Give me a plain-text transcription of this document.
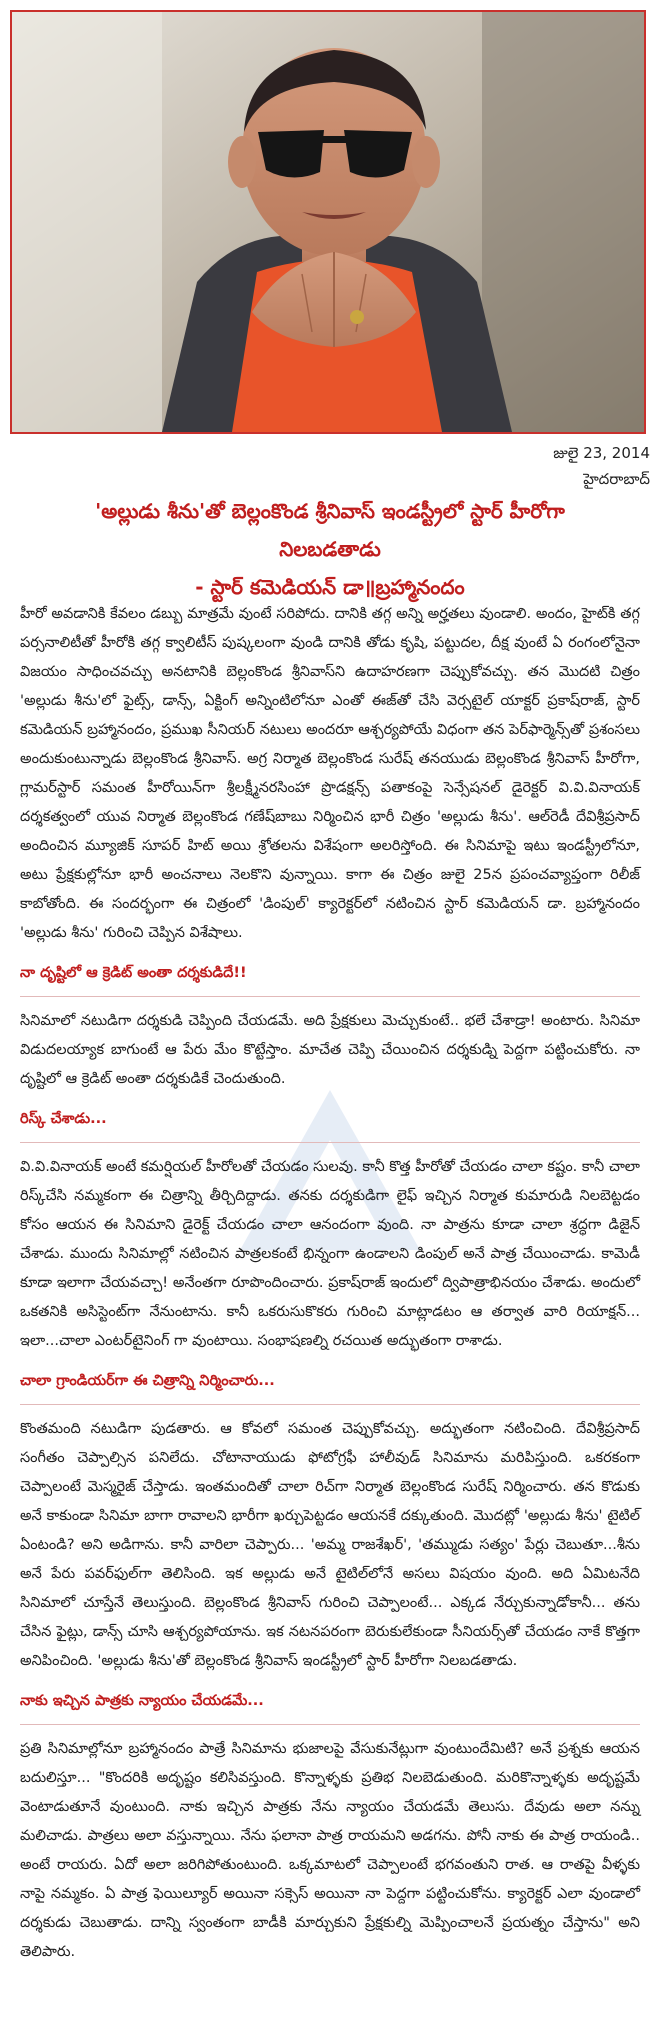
జులై 23, 2014
హైదరాబాద్
'అల్లుడు శీను'తో బెల్లంకొండ శ్రీనివాస్ ఇండస్ట్రీలో స్టార్ హీరోగా
నిలబడతాడు
- స్టార్ కమెడియన్ డా॥బ్రహ్మానందం

హీరో అవడానికి కేవలం డబ్బు మాత్రమే వుంటే సరిపోదు. దానికి తగ్గ అన్ని అర్హతలు వుండాలి. అందం, హైట్‌కి తగ్గ పర్సనాలిటీతో హీరోకి తగ్గ క్వాలిటీస్ పుష్కలంగా వుండి దానికి తోడు కృషి, పట్టుదల, దీక్ష వుంటే ఏ రంగంలోనైనా విజయం సాధించవచ్చు అనటానికి బెల్లంకొండ శ్రీనివాస్‌ని ఉదాహరణగా చెప్పుకోవచ్చు. తన మొదటి చిత్రం 'అల్లుడు శీను'లో ఫైట్స్, డాన్స్, ఏక్టింగ్ అన్నింటిలోనూ ఎంతో ఈజ్‌తో చేసి వెర్సటైల్ యాక్టర్ ప్రకాష్‌రాజ్, స్టార్ కమెడియన్ బ్రహ్మానందం, ప్రముఖ సీనియర్ నటులు అందరూ ఆశ్చర్యపోయే విధంగా తన పెర్‌ఫార్మెన్స్‌తో ప్రశంసలు అందుకుంటున్నాడు బెల్లంకొండ శ్రీనివాస్. అగ్ర నిర్మాత బెల్లంకొండ సురేష్ తనయుడు బెల్లంకొండ శ్రీనివాస్ హీరోగా, గ్లామర్‌స్టార్ సమంత హీరోయిన్‌గా శ్రీలక్ష్మీనరసింహా ప్రొడక్షన్స్ పతాకంపై సెన్సేషనల్ డైరెక్టర్ వి.వి.వినాయక్ దర్శకత్వంలో యువ నిర్మాత బెల్లంకొండ గణేష్‌బాబు నిర్మించిన భారీ చిత్రం 'అల్లుడు శీను'. ఆల్‌రెడీ దేవిశ్రీప్రసాద్ అందించిన మ్యూజిక్ సూపర్ హిట్ అయి శ్రోతలను విశేషంగా అలరిస్తోంది. ఈ సినిమాపై ఇటు ఇండస్ట్రీలోనూ, అటు ప్రేక్షకుల్లోనూ భారీ అంచనాలు నెలకొని వున్నాయి. కాగా ఈ చిత్రం జులై 25న ప్రపంచవ్యాప్తంగా రిలీజ్ కాబోతోంది. ఈ సందర్భంగా ఈ చిత్రంలో 'డింపుల్' క్యారెక్టర్‌లో నటించిన స్టార్ కమెడియన్ డా. బ్రహ్మానందం 'అల్లుడు శీను' గురించి చెప్పిన విశేషాలు.

నా దృష్టిలో ఆ క్రెడిట్ అంతా దర్శకుడిదే!!

సినిమాలో నటుడిగా దర్శకుడి చెప్పింది చేయడమే. అది ప్రేక్షకులు మెచ్చుకుంటే.. భలే చేశాడ్రా! అంటారు. సినిమా విడుదలయ్యాక బాగుంటే ఆ పేరు మేం కొట్టేస్తాం. మాచేత చెప్పి చేయించిన దర్శకుడ్ని పెద్దగా పట్టించుకోరు. నా దృష్టిలో ఆ క్రెడిట్ అంతా దర్శకుడికే చెందుతుంది.

రిస్క్ చేశాడు...

వి.వి.వినాయక్ అంటే కమర్షియల్ హీరోలతో చేయడం సులవు. కానీ కొత్త హీరోతో చేయడం చాలా కష్టం. కానీ చాలా రిస్క్‌చేసి నమ్మకంగా ఈ చిత్రాన్ని తీర్చిదిద్దాడు. తనకు దర్శకుడిగా లైఫ్ ఇచ్చిన నిర్మాత కుమారుడి నిలబెట్టడం కోసం ఆయన ఈ సినిమాని డైరెక్ట్ చేయడం చాలా ఆనందంగా వుంది. నా పాత్రను కూడా చాలా శ్రద్ధగా డిజైన్ చేశాడు. ముందు సినిమాల్లో నటించిన పాత్రలకంటే భిన్నంగా ఉండాలని డింపుల్ అనే పాత్ర చేయించాడు. కామెడీ కూడా ఇలాగా చేయవచ్చా! అనేంతగా రూపొందించారు. ప్రకాష్‌రాజ్ ఇందులో ద్విపాత్రాభినయం చేశాడు. అందులో ఒకతనికి అసిస్టెంట్‌గా నేనుంటాను. కానీ ఒకరుసుకొకరు గురించి మాట్లాడటం ఆ తర్వాత వారి రియాక్షన్... ఇలా...చాలా ఎంటర్‌టైనింగ్ గా వుంటాయి. సంభాషణల్ని రచయిత అద్భుతంగా రాశాడు.

చాలా గ్రాండియర్‌గా ఈ చిత్రాన్ని నిర్మించారు...

కొంతమంది నటుడిగా పుడతారు. ఆ కోవలో సమంత చెప్పుకోవచ్చు. అద్భుతంగా నటించింది. దేవిశ్రీప్రసాద్ సంగీతం చెప్పాల్సిన పనిలేదు. చోటానాయుడు ఫోటోగ్రఫీ హాలీవుడ్ సినిమాను మరిపిస్తుంది. ఒకరకంగా చెప్పాలంటే మెస్మరైజ్ చేస్తాడు. ఇంతమందితో చాలా రిచ్‌గా నిర్మాత బెల్లంకొండ సురేష్ నిర్మించారు. తన కొడుకు అనే కాకుండా సినిమా బాగా రావాలని భారీగా ఖర్చుపెట్టడం ఆయనకే దక్కుతుంది. మొదట్లో 'అల్లుడు శీను' టైటిల్ ఏంటండి? అని అడిగాను. కానీ వారిలా చెప్పారు... 'అమ్మ రాజశేఖర్', 'తమ్ముడు సత్యం' పేర్లు చెబుతూ...శీను అనే పేరు పవర్‌ఫుల్‌గా తెలిసింది. ఇక అల్లుడు అనే టైటిల్‌లోనే అసలు విషయం వుంది. అది ఏమిటనేది సినిమాలో చూస్తేనే తెలుస్తుంది. బెల్లంకొండ శ్రీనివాస్ గురించి చెప్పాలంటే... ఎక్కడ నేర్చుకున్నాడోకానీ... తను చేసిన ఫైట్లు, డాన్స్ చూసి ఆశ్చర్యపోయాను. ఇక నటనపరంగా బెరుకులేకుండా సీనియర్స్‌తో చేయడం నాకే కొత్తగా అనిపించింది. 'అల్లుడు శీను'తో బెల్లంకొండ శ్రీనివాస్ ఇండస్ట్రీలో స్టార్ హీరోగా నిలబడతాడు.

నాకు ఇచ్చిన పాత్రకు న్యాయం చేయడమే...

ప్రతి సినిమాల్లోనూ బ్రహ్మానందం పాత్రే సినిమాను భుజాలపై వేసుకునేట్లుగా వుంటుందేమిటి? అనే ప్రశ్నకు ఆయన బదులిస్తూ... "కొందరికి అదృష్టం కలిసివస్తుంది. కొన్నాళ్ళకు ప్రతిభ నిలబెడుతుంది. మరికొన్నాళ్ళకు అదృష్టమే వెంటాడుతూనే వుంటుంది. నాకు ఇచ్చిన పాత్రకు నేను న్యాయం చేయడమే తెలుసు. దేవుడు అలా నన్ను మలిచాడు. పాత్రలు అలా వస్తున్నాయి. నేను ఫలానా పాత్ర రాయమని అడగను. పోనీ నాకు ఈ పాత్ర రాయండి.. అంటే రాయరు. ఏదో అలా జరిగిపోతుంటుంది. ఒక్కమాటలో చెప్పాలంటే భగవంతుని రాత. ఆ రాతపై వీళ్ళకు నాపై నమ్మకం. ఏ పాత్ర ఫెయిల్యూర్ అయినా సక్సెస్ అయినా నా పెద్దగా పట్టించుకోను. క్యారెక్టర్ ఎలా వుండాలో దర్శకుడు చెబుతాడు. దాన్ని స్వంతంగా బాడీకి మార్చుకుని ప్రేక్షకుల్ని మెప్పించాలనే ప్రయత్నం చేస్తాను" అని తెలిపారు.
